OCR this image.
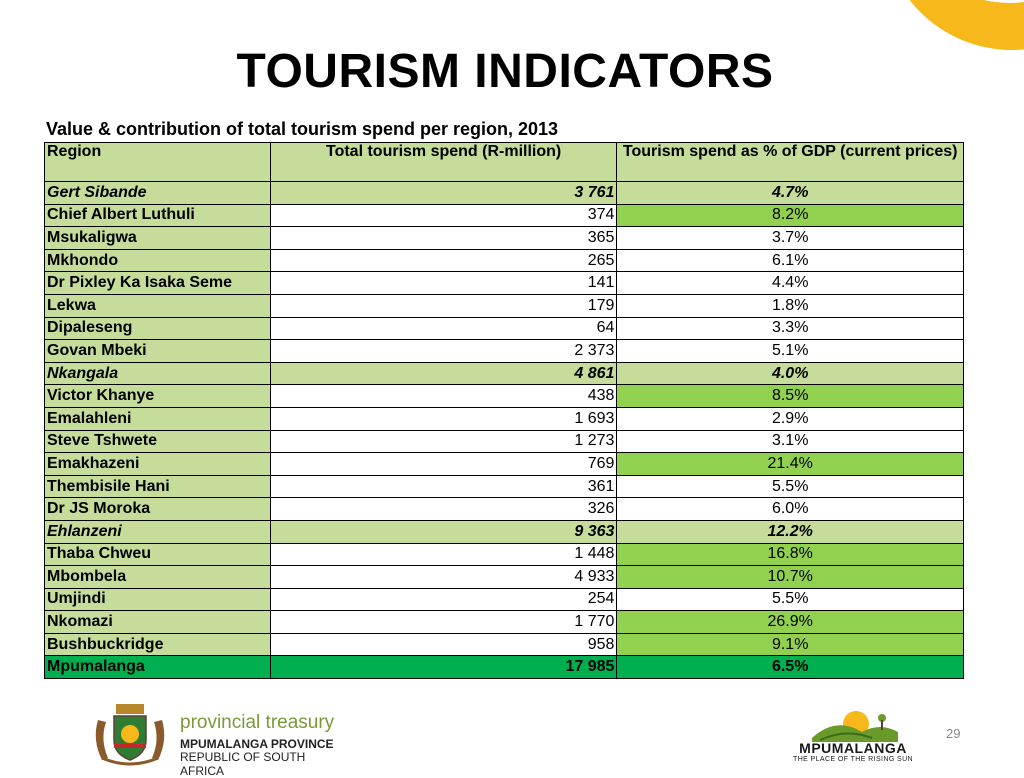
TOURISM INDICATORS
Value & contribution of total tourism spend per region, 2013
Region	Total tourism spend (R-million)	Tourism spend as % of GDP (current prices)
Gert Sibande	3 761	4.7%
Chief Albert Luthuli	374	8.2%
Msukaligwa	365	3.7%
Mkhondo	265	6.1%
Dr Pixley Ka Isaka Seme	141	4.4%
Lekwa	179	1.8%
Dipaleseng	64	3.3%
Govan Mbeki	2 373	5.1%
Nkangala	4 861	4.0%
Victor Khanye	438	8.5%
Emalahleni	1 693	2.9%
Steve Tshwete	1 273	3.1%
Emakhazeni	769	21.4%
Thembisile Hani	361	5.5%
Dr JS Moroka	326	6.0%
Ehlanzeni	9 363	12.2%
Thaba Chweu	1 448	16.8%
Mbombela	4 933	10.7%
Umjindi	254	5.5%
Nkomazi	1 770	26.9%
Bushbuckridge	958	9.1%
Mpumalanga	17 985	6.5%
provincial treasury
MPUMALANGA PROVINCE
REPUBLIC OF SOUTH AFRICA
MPUMALANGA
THE PLACE OF THE RISING SUN
29
